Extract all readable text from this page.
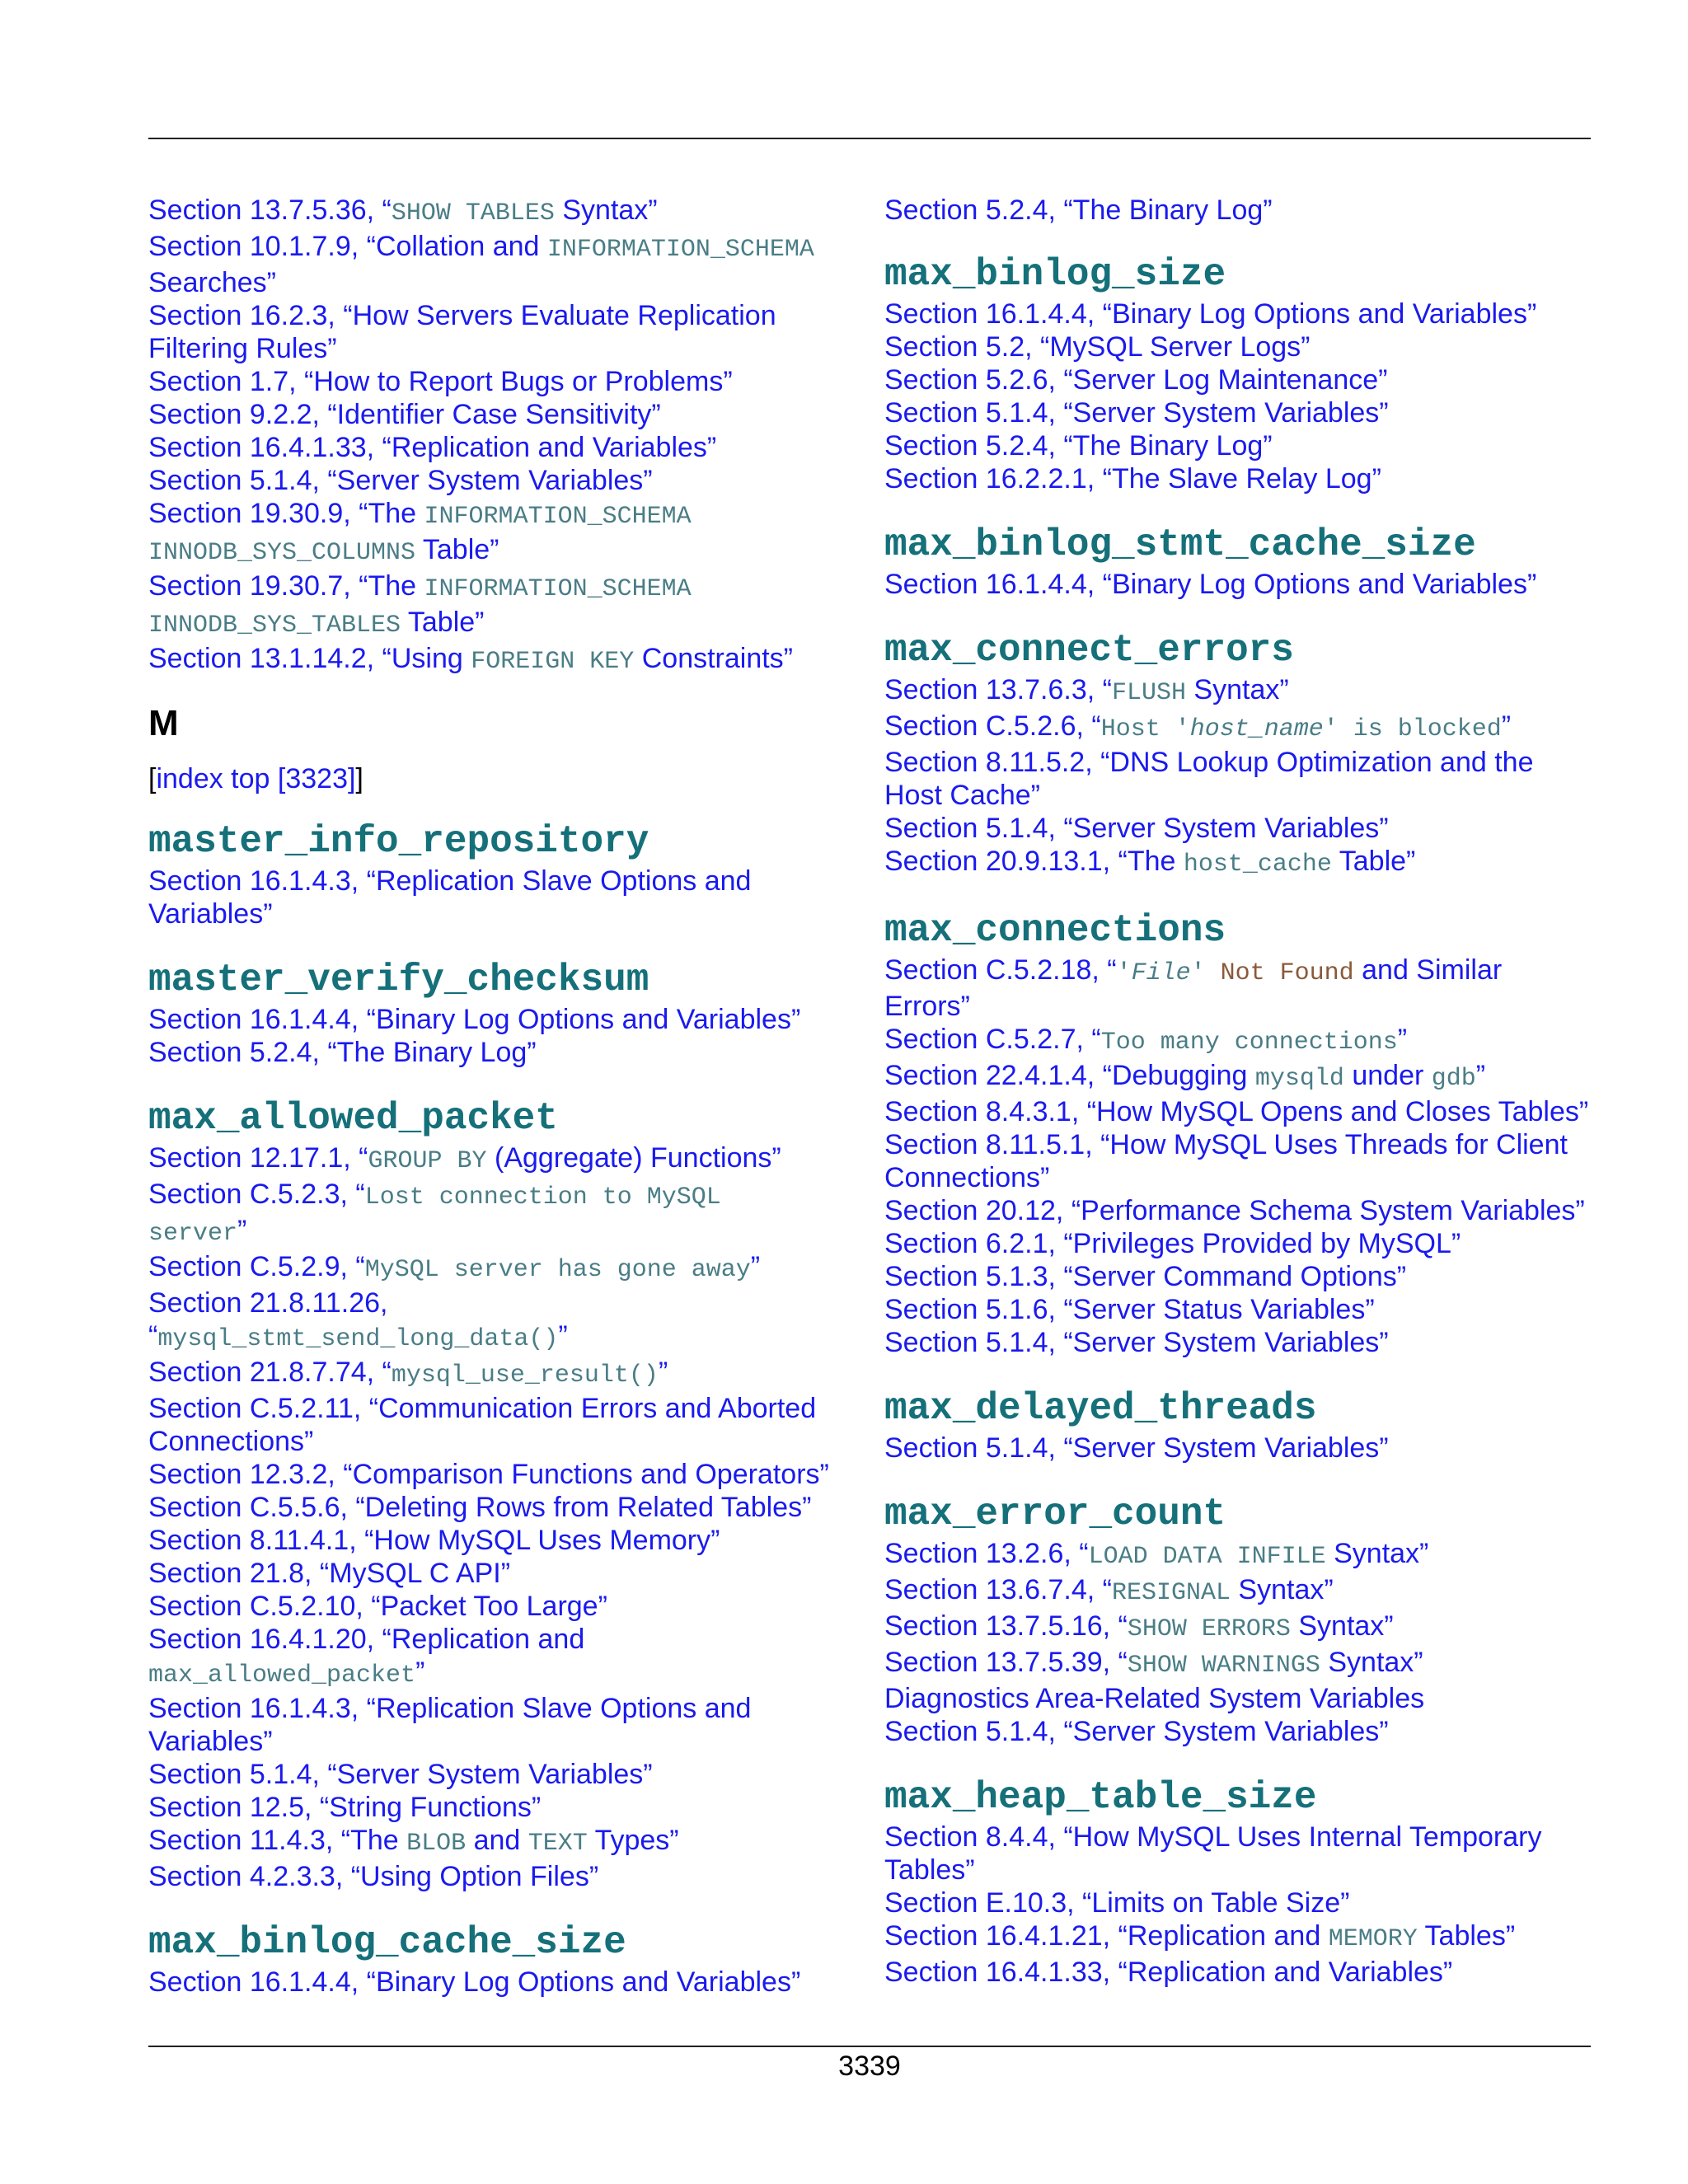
Section 13.7.5.36, “SHOW TABLES Syntax”
Section 10.1.7.9, “Collation and INFORMATION_SCHEMA
Searches”
Section 16.2.3, “How Servers Evaluate Replication
Filtering Rules”
Section 1.7, “How to Report Bugs or Problems”
Section 9.2.2, “Identifier Case Sensitivity”
Section 16.4.1.33, “Replication and Variables”
Section 5.1.4, “Server System Variables”
Section 19.30.9, “The INFORMATION_SCHEMA
INNODB_SYS_COLUMNS Table”
Section 19.30.7, “The INFORMATION_SCHEMA
INNODB_SYS_TABLES Table”
Section 13.1.14.2, “Using FOREIGN KEY Constraints”
M
[index top [3323]]
master_info_repository
Section 16.1.4.3, “Replication Slave Options and
Variables”
master_verify_checksum
Section 16.1.4.4, “Binary Log Options and Variables”
Section 5.2.4, “The Binary Log”
max_allowed_packet
Section 12.17.1, “GROUP BY (Aggregate) Functions”
Section C.5.2.3, “Lost connection to MySQL
server”
Section C.5.2.9, “MySQL server has gone away”
Section 21.8.11.26,
“mysql_stmt_send_long_data()”
Section 21.8.7.74, “mysql_use_result()”
Section C.5.2.11, “Communication Errors and Aborted
Connections”
Section 12.3.2, “Comparison Functions and Operators”
Section C.5.5.6, “Deleting Rows from Related Tables”
Section 8.11.4.1, “How MySQL Uses Memory”
Section 21.8, “MySQL C API”
Section C.5.2.10, “Packet Too Large”
Section 16.4.1.20, “Replication and
max_allowed_packet”
Section 16.1.4.3, “Replication Slave Options and
Variables”
Section 5.1.4, “Server System Variables”
Section 12.5, “String Functions”
Section 11.4.3, “The BLOB and TEXT Types”
Section 4.2.3.3, “Using Option Files”
max_binlog_cache_size
Section 16.1.4.4, “Binary Log Options and Variables”
Section 5.2.4, “The Binary Log”
max_binlog_size
Section 16.1.4.4, “Binary Log Options and Variables”
Section 5.2, “MySQL Server Logs”
Section 5.2.6, “Server Log Maintenance”
Section 5.1.4, “Server System Variables”
Section 5.2.4, “The Binary Log”
Section 16.2.2.1, “The Slave Relay Log”
max_binlog_stmt_cache_size
Section 16.1.4.4, “Binary Log Options and Variables”
max_connect_errors
Section 13.7.6.3, “FLUSH Syntax”
Section C.5.2.6, “Host 'host_name' is blocked”
Section 8.11.5.2, “DNS Lookup Optimization and the
Host Cache”
Section 5.1.4, “Server System Variables”
Section 20.9.13.1, “The host_cache Table”
max_connections
Section C.5.2.18, “'File' Not Found and Similar
Errors”
Section C.5.2.7, “Too many connections”
Section 22.4.1.4, “Debugging mysqld under gdb”
Section 8.4.3.1, “How MySQL Opens and Closes Tables”
Section 8.11.5.1, “How MySQL Uses Threads for Client
Connections”
Section 20.12, “Performance Schema System Variables”
Section 6.2.1, “Privileges Provided by MySQL”
Section 5.1.3, “Server Command Options”
Section 5.1.6, “Server Status Variables”
Section 5.1.4, “Server System Variables”
max_delayed_threads
Section 5.1.4, “Server System Variables”
max_error_count
Section 13.2.6, “LOAD DATA INFILE Syntax”
Section 13.6.7.4, “RESIGNAL Syntax”
Section 13.7.5.16, “SHOW ERRORS Syntax”
Section 13.7.5.39, “SHOW WARNINGS Syntax”
Diagnostics Area-Related System Variables
Section 5.1.4, “Server System Variables”
max_heap_table_size
Section 8.4.4, “How MySQL Uses Internal Temporary
Tables”
Section E.10.3, “Limits on Table Size”
Section 16.4.1.21, “Replication and MEMORY Tables”
Section 16.4.1.33, “Replication and Variables”
3339
